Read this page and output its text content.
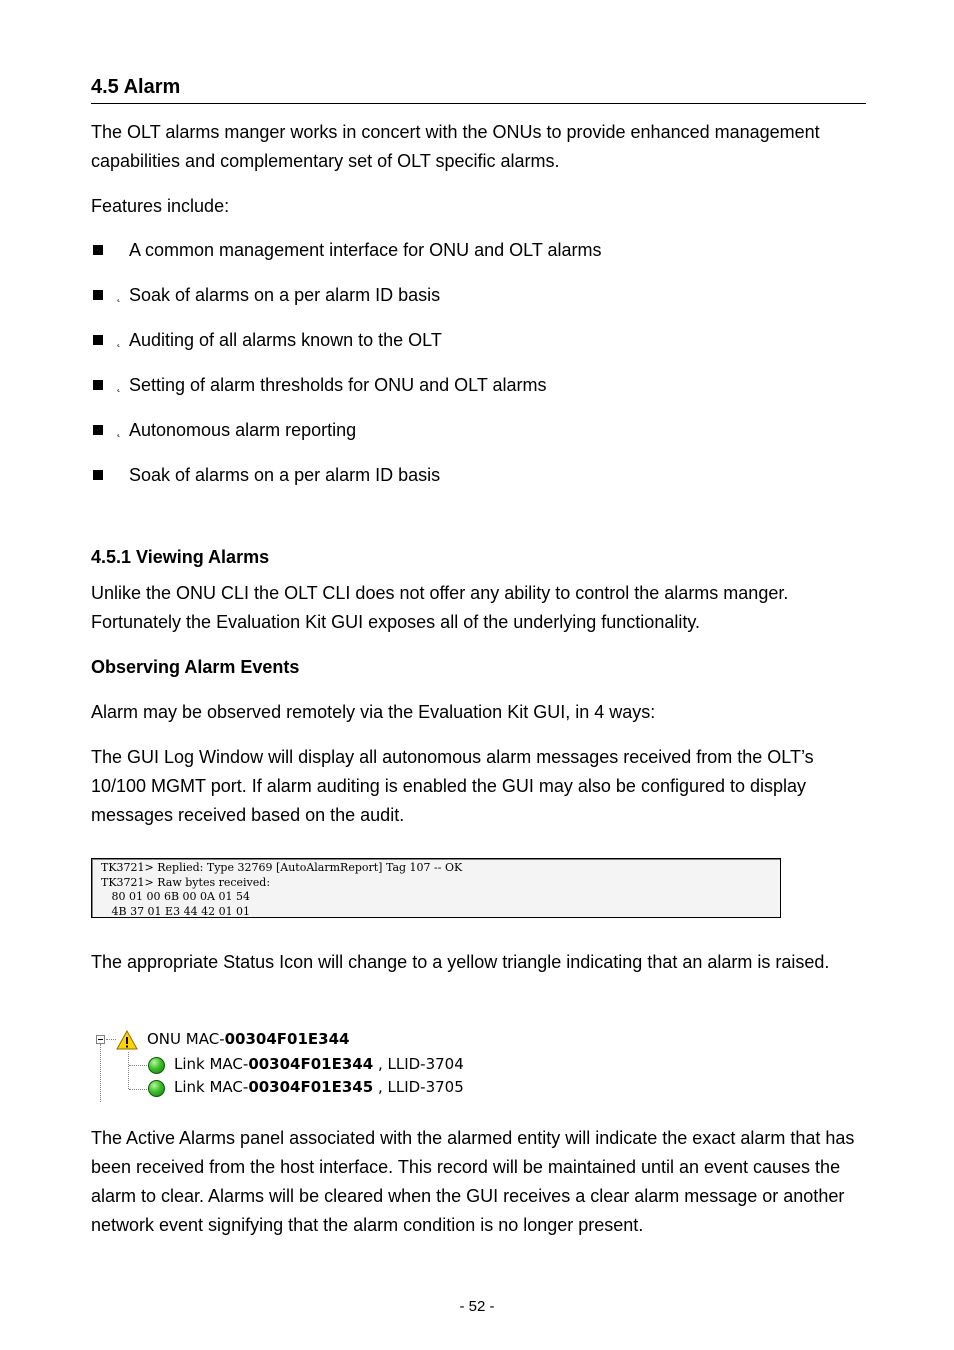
4.5 Alarm
The OLT alarms manger works in concert with the ONUs to provide enhanced management capabilities and complementary set of OLT specific alarms.
Features include:
A common management interface for ONU and OLT alarms
˛ Soak of alarms on a per alarm ID basis
˛ Auditing of all alarms known to the OLT
˛ Setting of alarm thresholds for ONU and OLT alarms
˛ Autonomous alarm reporting
Soak of alarms on a per alarm ID basis
4.5.1 Viewing Alarms
Unlike the ONU CLI the OLT CLI does not offer any ability to control the alarms manger. Fortunately the Evaluation Kit GUI exposes all of the underlying functionality.
Observing Alarm Events
Alarm may be observed remotely via the Evaluation Kit GUI, in 4 ways:
The GUI Log Window will display all autonomous alarm messages received from the OLT’s 10/100 MGMT port. If alarm auditing is enabled the GUI may also be configured to display messages received based on the audit.
TK3721> Replied: Type 32769 [AutoAlarmReport] Tag 107 -- OK
TK3721> Raw bytes received:
80 01 00 6B 00 0A 01 54
4B 37 01 E3 44 42 01 01
The appropriate Status Icon will change to a yellow triangle indicating that an alarm is raised.
ONU MAC-00304F01E344
Link MAC-00304F01E344 , LLID-3704
Link MAC-00304F01E345 , LLID-3705
The Active Alarms panel associated with the alarmed entity will indicate the exact alarm that has been received from the host interface. This record will be maintained until an event causes the alarm to clear. Alarms will be cleared when the GUI receives a clear alarm message or another network event signifying that the alarm condition is no longer present.
- 52 -
